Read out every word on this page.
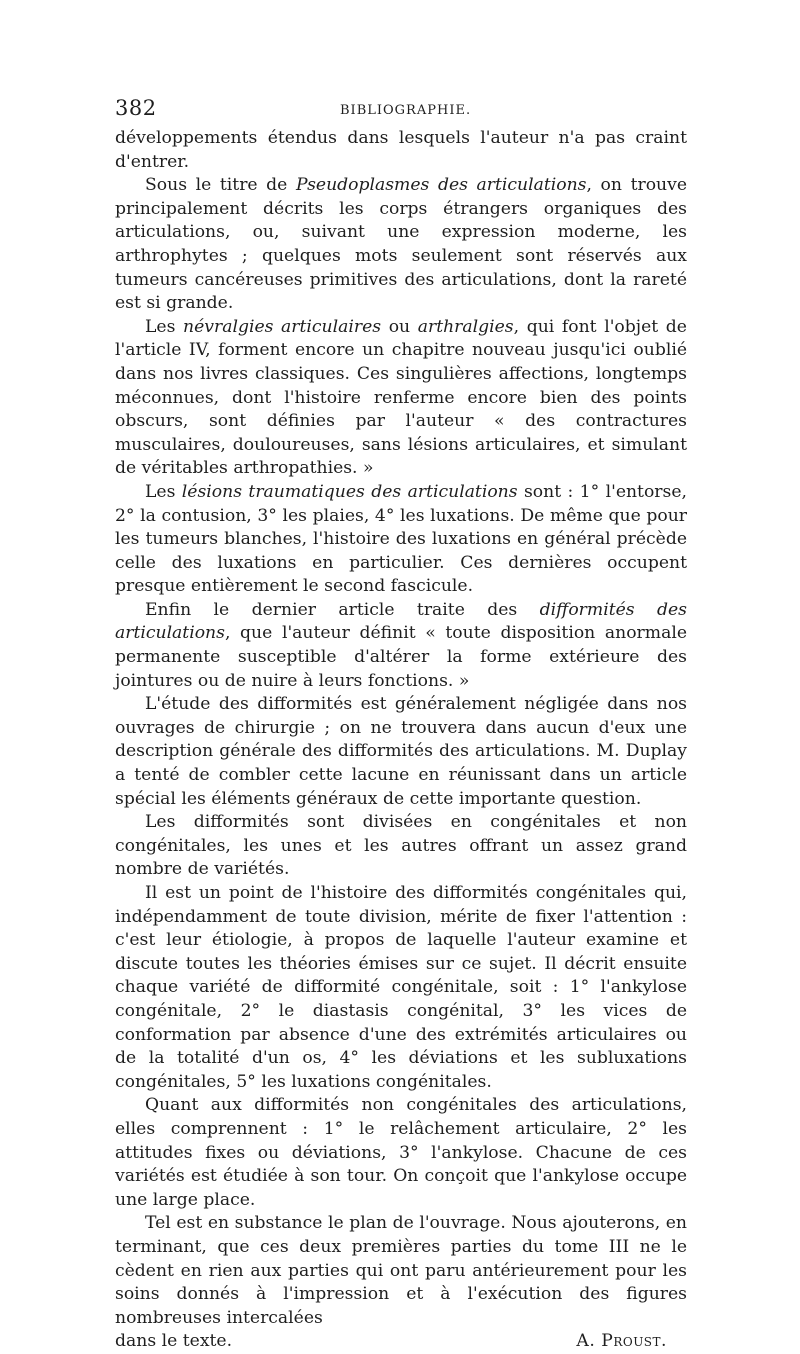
382	BIBLIOGRAPHIE.

développements étendus dans lesquels l'auteur n'a pas craint d'entrer.

Sous le titre de Pseudoplasmes des articulations, on trouve principalement décrits les corps étrangers organiques des articulations, ou, suivant une expression moderne, les arthrophytes ; quelques mots seulement sont réservés aux tumeurs cancéreuses primitives des articulations, dont la rareté est si grande.

Les névralgies articulaires ou arthralgies, qui font l'objet de l'article IV, forment encore un chapitre nouveau jusqu'ici oublié dans nos livres classiques. Ces singulières affections, longtemps méconnues, dont l'histoire renferme encore bien des points obscurs, sont définies par l'auteur « des contractures musculaires, douloureuses, sans lésions articulaires, et simulant de véritables arthropathies. »

Les lésions traumatiques des articulations sont : 1° l'entorse, 2° la contusion, 3° les plaies, 4° les luxations. De même que pour les tumeurs blanches, l'histoire des luxations en général précède celle des luxations en particulier. Ces dernières occupent presque entièrement le second fascicule.

Enfin le dernier article traite des difformités des articulations, que l'auteur définit « toute disposition anormale permanente susceptible d'altérer la forme extérieure des jointures ou de nuire à leurs fonctions. »

L'étude des difformités est généralement négligée dans nos ouvrages de chirurgie ; on ne trouvera dans aucun d'eux une description générale des difformités des articulations. M. Duplay a tenté de combler cette lacune en réunissant dans un article spécial les éléments généraux de cette importante question.

Les difformités sont divisées en congénitales et non congénitales, les unes et les autres offrant un assez grand nombre de variétés.

Il est un point de l'histoire des difformités congénitales qui, indépendamment de toute division, mérite de fixer l'attention : c'est leur étiologie, à propos de laquelle l'auteur examine et discute toutes les théories émises sur ce sujet. Il décrit ensuite chaque variété de difformité congénitale, soit : 1° l'ankylose congénitale, 2° le diastasis congénital, 3° les vices de conformation par absence d'une des extrémités articulaires ou de la totalité d'un os, 4° les déviations et les subluxations congénitales, 5° les luxations congénitales.

Quant aux difformités non congénitales des articulations, elles comprennent : 1° le relâchement articulaire, 2° les attitudes fixes ou déviations, 3° l'ankylose. Chacune de ces variétés est étudiée à son tour. On conçoit que l'ankylose occupe une large place.

Tel est en substance le plan de l'ouvrage. Nous ajouterons, en terminant, que ces deux premières parties du tome III ne le cèdent en rien aux parties qui ont paru antérieurement pour les soins donnés à l'impression et à l'exécution des figures nombreuses intercalées

dans le texte.	A. Proust.
